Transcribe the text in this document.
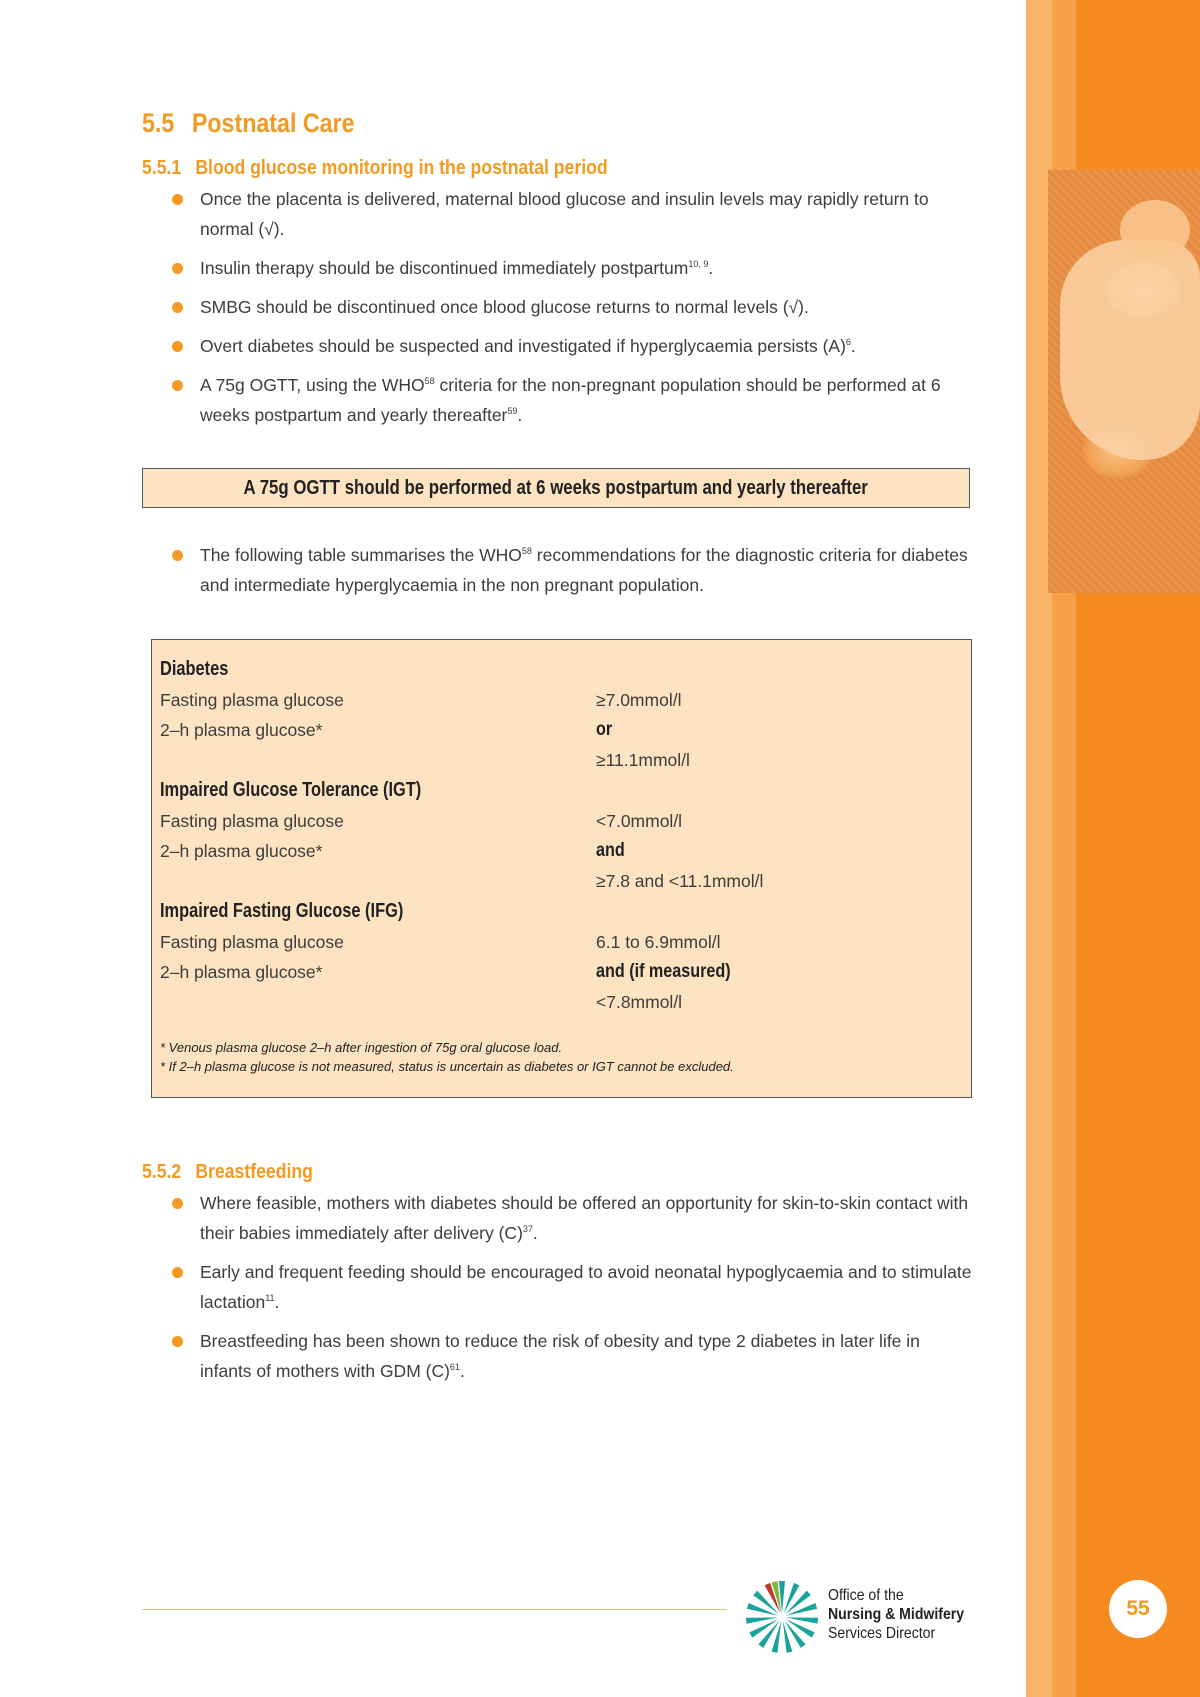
5.5 Postnatal Care
5.5.1 Blood glucose monitoring in the postnatal period
Once the placenta is delivered, maternal blood glucose and insulin levels may rapidly return to normal (√).
Insulin therapy should be discontinued immediately postpartum$^{10, 9}$.
SMBG should be discontinued once blood glucose returns to normal levels (√).
Overt diabetes should be suspected and investigated if hyperglycaemia persists $(A)^6$.
A 75g OGTT, using the WHO$^{58}$ criteria for the non-pregnant population should be performed at 6 weeks postpartum and yearly thereafter$^{59}$.
A 75g OGTT should be performed at 6 weeks postpartum and yearly thereafter
The following table summarises the WHO$^{58}$ recommendations for the diagnostic criteria for diabetes and intermediate hyperglycaemia in the non pregnant population.
Diabetes
Fasting plasma glucose	≥7.0mmol/l
2–h plasma glucose*	or
≥11.1mmol/l
Impaired Glucose Tolerance (IGT)
Fasting plasma glucose	<7.0mmol/l
2–h plasma glucose*	and
≥7.8 and <11.1mmol/l
Impaired Fasting Glucose (IFG)
Fasting plasma glucose	6.1 to 6.9mmol/l
2–h plasma glucose*	and (if measured)
<7.8mmol/l
* Venous plasma glucose 2–h after ingestion of 75g oral glucose load.
* If 2–h plasma glucose is not measured, status is uncertain as diabetes or IGT cannot be excluded.
5.5.2 Breastfeeding
Where feasible, mothers with diabetes should be offered an opportunity for skin-to-skin contact with their babies immediately after delivery $(C)^{37}$.
Early and frequent feeding should be encouraged to avoid neonatal hypoglycaemia and to stimulate lactation$^{11}$.
Breastfeeding has been shown to reduce the risk of obesity and type 2 diabetes in later life in infants of mothers with GDM $(C)^{61}$.
Office of the
Nursing & Midwifery
Services Director
55
